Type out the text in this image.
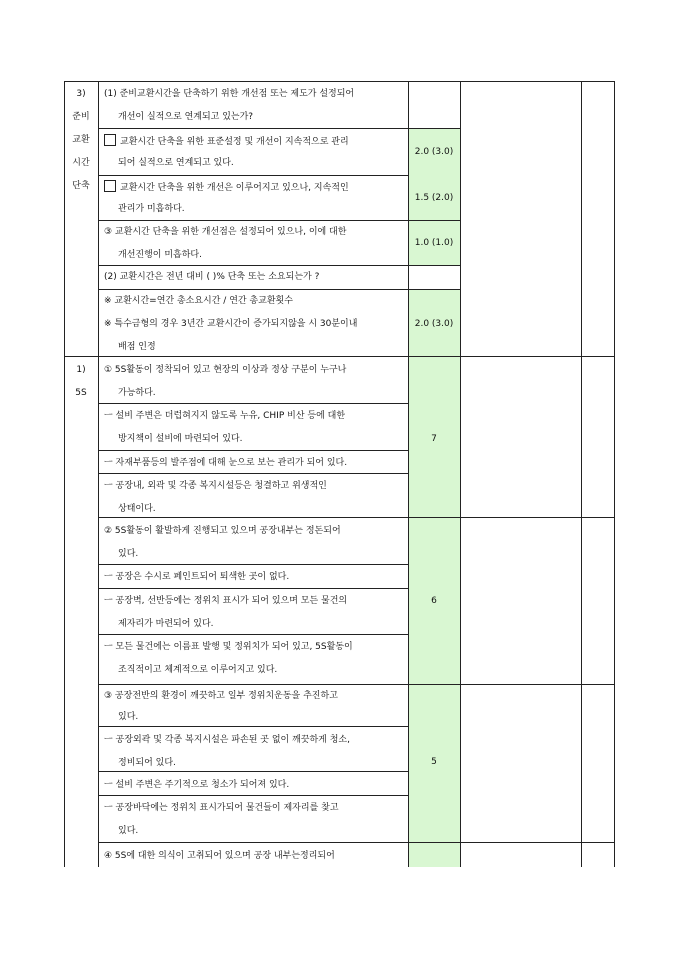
3)
준비
교환
시간
단축
(1) 준비교환시간을 단축하기 위한 개선점 또는 제도가 설정되어
개선이 실적으로 연계되고 있는가?
교환시간 단축을 위한 표준설정 및 개선이 지속적으로 관리
되어 실적으로 연계되고 있다.
2.0 (3.0)
교환시간 단축을 위한 개선은 이루어지고 있으나, 지속적인
관리가 미흡하다.
1.5 (2.0)
③ 교환시간 단축을 위한 개선점은 설정되어 있으나, 이에 대한
개선진행이 미흡하다.
1.0 (1.0)
(2) 교환시간은 전년 대비 ( )% 단축 또는 소요되는가 ?
※ 교환시간=연간 총소요시간 / 연간 총교환횟수
※ 특수금형의 경우 3년간 교환시간이 증가되지않을 시 30분이내
배점 인정
2.0 (3.0)
1)
5S
① 5S활동이 정착되어 있고 현장의 이상과 정상 구분이 누구나
가능하다.
ㅡ 설비 주변은 더럽혀지지 않도록 누유, CHIP 비산 등에 대한
방지책이 설비에 마련되어 있다.
ㅡ 자재부품등의 발주점에 대해 눈으로 보는 관리가 되어 있다.
ㅡ 공장내, 외곽 및 각종 복지시설등은 청결하고 위생적인
상태이다.
7
② 5S활동이 활발하게 진행되고 있으며 공장내부는 정돈되어
있다.
ㅡ 공장은 수시로 페인트되어 퇴색한 곳이 없다.
ㅡ 공장벽, 선반등에는 정위치 표시가 되어 있으며 모든 물건의
제자리가 마련되어 있다.
ㅡ 모든 물건에는 이름표 발행 및 정위치가 되어 있고, 5S활동이
조직적이고 체계적으로 이루어지고 있다.
6
③ 공장전반의 환경이 깨끗하고 일부 정위치운동을 추진하고
있다.
ㅡ 공장외곽 및 각종 복지시설은 파손된 곳 없이 깨끗하게 청소,
정비되어 있다.
ㅡ 설비 주변은 주기적으로 청소가 되어져 있다.
ㅡ 공장바닥에는 정위치 표시가되어 물건들이 제자리를 찾고
있다.
5
④ 5S에 대한 의식이 고취되어 있으며 공장 내부는정리되어
